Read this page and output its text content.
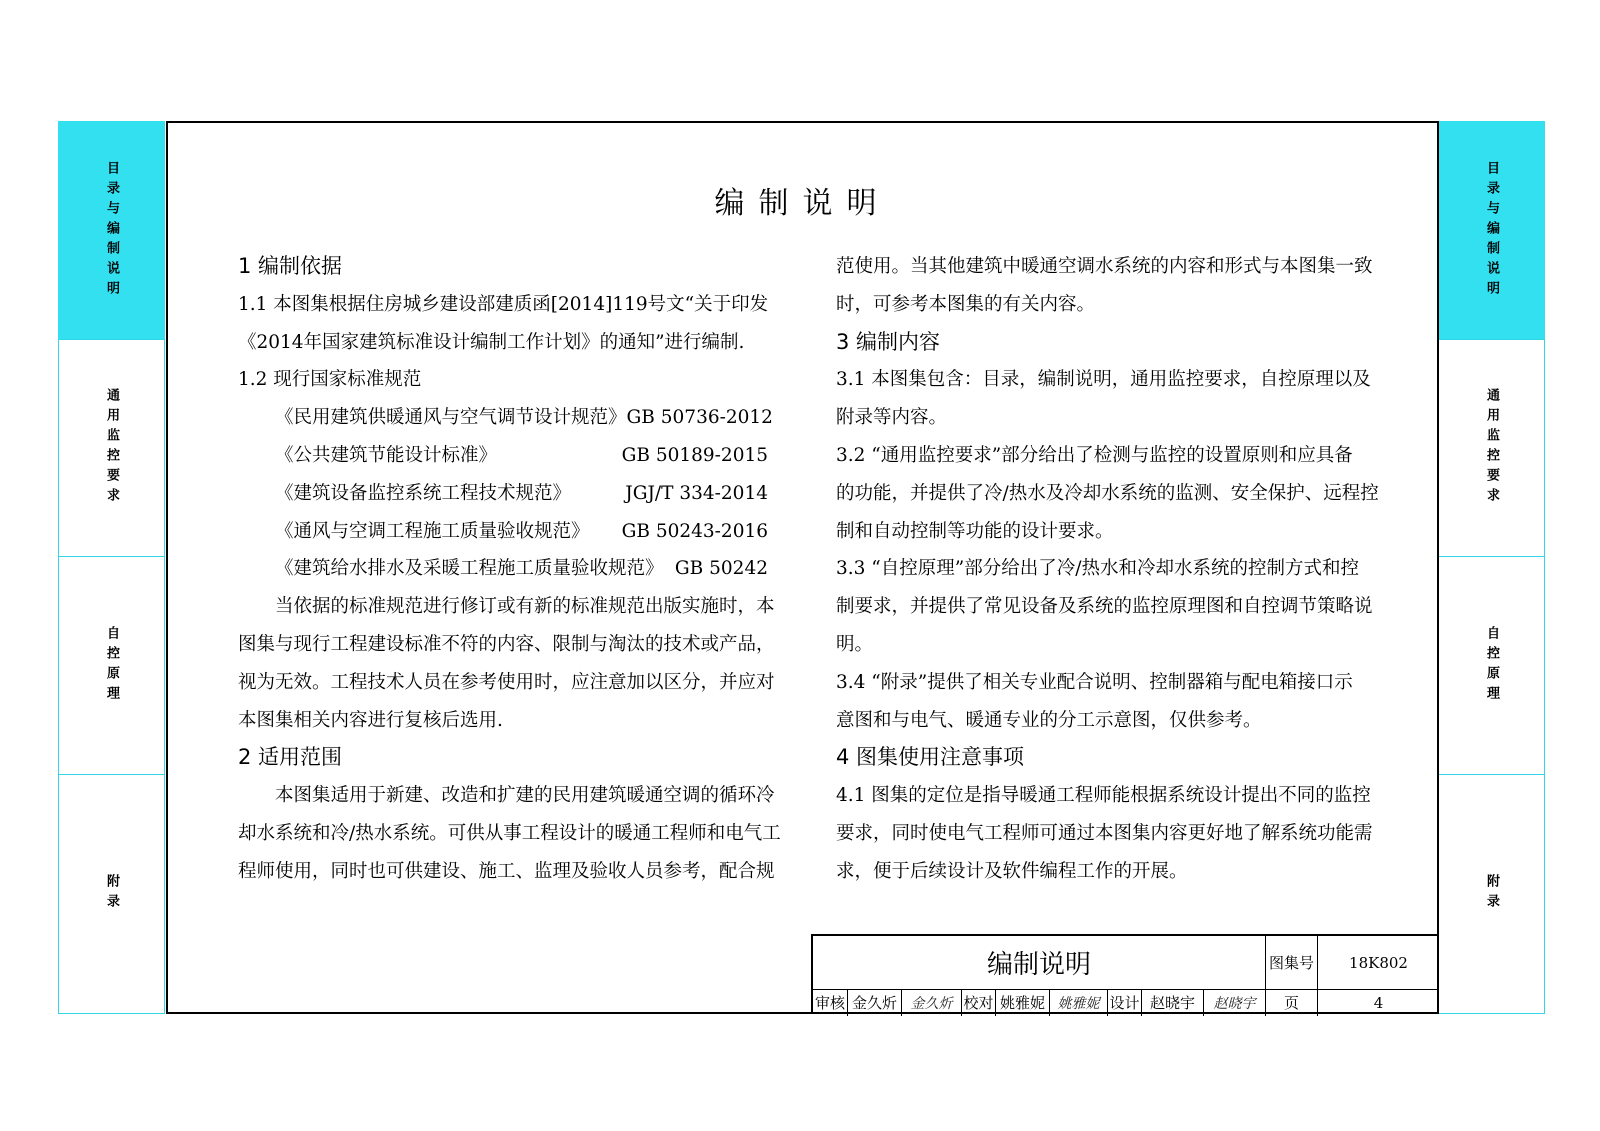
目录与编制说明
通用监控要求
自控原理
附录
目录与编制说明
通用监控要求
自控原理
附录
编制说明
1 编制依据
1.1 本图集根据住房城乡建设部建质函[2014]119号文“关于印发
《2014年国家建筑标准设计编制工作计划》的通知”进行编制.
1.2 现行国家标准规范
《民用建筑供暖通风与空气调节设计规范》 GB 50736-2012
《公共建筑节能设计标准》	GB 50189-2015
《建筑设备监控系统工程技术规范》	JGJ/T 334-2014
《通风与空调工程施工质量验收规范》 GB 50243-2016
《建筑给水排水及采暖工程施工质量验收规范》 GB 50242
当依据的标准规范进行修订或有新的标准规范出版实施时，本
图集与现行工程建设标准不符的内容、限制与淘汰的技术或产品，
视为无效。工程技术人员在参考使用时，应注意加以区分，并应对
本图集相关内容进行复核后选用.
2 适用范围
本图集适用于新建、改造和扩建的民用建筑暖通空调的循环冷
却水系统和冷/热水系统。可供从事工程设计的暖通工程师和电气工
程师使用，同时也可供建设、施工、监理及验收人员参考，配合规
范使用。当其他建筑中暖通空调水系统的内容和形式与本图集一致
时，可参考本图集的有关内容。
3 编制内容
3.1 本图集包含：目录，编制说明，通用监控要求，自控原理以及
附录等内容。
3.2 “通用监控要求”部分给出了检测与监控的设置原则和应具备
的功能，并提供了冷/热水及冷却水系统的监测、安全保护、远程控
制和自动控制等功能的设计要求。
3.3 “自控原理”部分给出了冷/热水和冷却水系统的控制方式和控
制要求，并提供了常见设备及系统的监控原理图和自控调节策略说
明。
3.4 “附录”提供了相关专业配合说明、控制器箱与配电箱接口示
意图和与电气、暖通专业的分工示意图，仅供参考。
4 图集使用注意事项
4.1 图集的定位是指导暖通工程师能根据系统设计提出不同的监控
要求，同时使电气工程师可通过本图集内容更好地了解系统功能需
求，便于后续设计及软件编程工作的开展。
编制说明	图集号	18K802
审核 金久炘 金久炘 校对 姚雅妮 姚雅妮 设计 赵晓宇	赵晓宇	页	4
